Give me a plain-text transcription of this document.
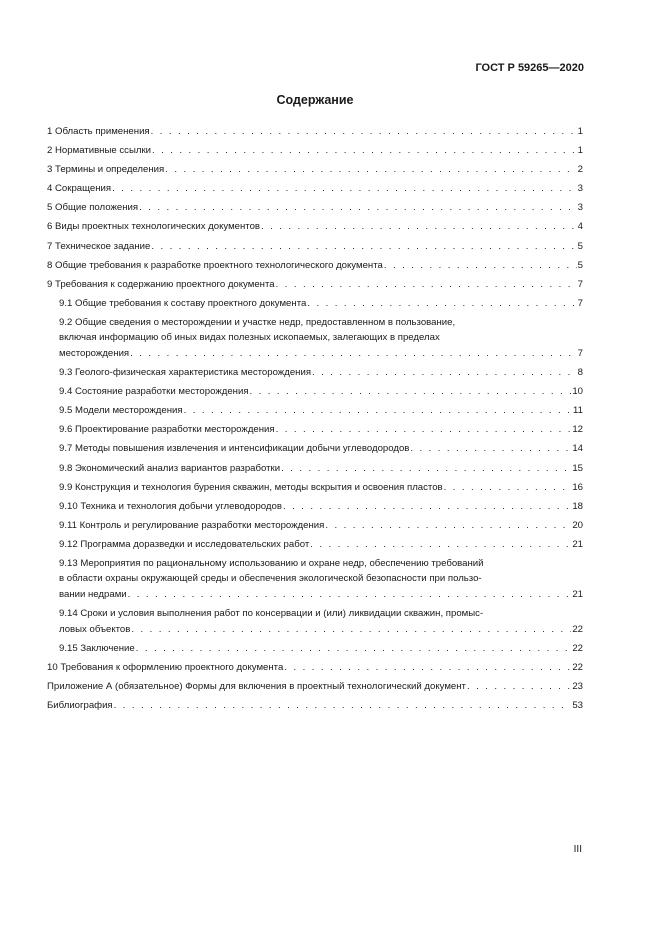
ГОСТ Р 59265—2020
Содержание
1 Область применения . . .	1
2 Нормативные ссылки . . .	1
3 Термины и определения . . .	2
4 Сокращения . . .	3
5 Общие положения . . .	3
6 Виды проектных технологических документов . . .	4
7 Техническое задание . . .	5
8 Общие требования к разработке проектного технологического документа . . .	5
9 Требования к содержанию проектного документа . . .	7
9.1 Общие требования к составу проектного документа . . .	7
9.2 Общие сведения о месторождении и участке недр, предоставленном в пользование,
включая информацию об иных видах полезных ископаемых, залегающих в пределах
месторождения . . .	7
9.3 Геолого-физическая характеристика месторождения . . .	8
9.4 Состояние разработки месторождения . . .	10
9.5 Модели месторождения . . .	11
9.6 Проектирование разработки месторождения . . .	12
9.7 Методы повышения извлечения и интенсификации добычи углеводородов . . .	14
9.8 Экономический анализ вариантов разработки . . .	15
9.9 Конструкция и технология бурения скважин, методы вскрытия и освоения пластов . . .	16
9.10 Техника и технология добычи углеводородов . . .	18
9.11 Контроль и регулирование разработки месторождения . . .	20
9.12 Программа доразведки и исследовательских работ . . .	21
9.13 Мероприятия по рациональному использованию и охране недр, обеспечению требований
в области охраны окружающей среды и обеспечения экологической безопасности при пользо-
вании недрами . . .	21
9.14 Сроки и условия выполнения работ по консервации и (или) ликвидации скважин, промыс-
ловых объектов . . .	22
9.15 Заключение . . .	22
10 Требования к оформлению проектного документа . . .	22
Приложение А (обязательное) Формы для включения в проектный технологический документ . . .	23
Библиография . . .	53
III
